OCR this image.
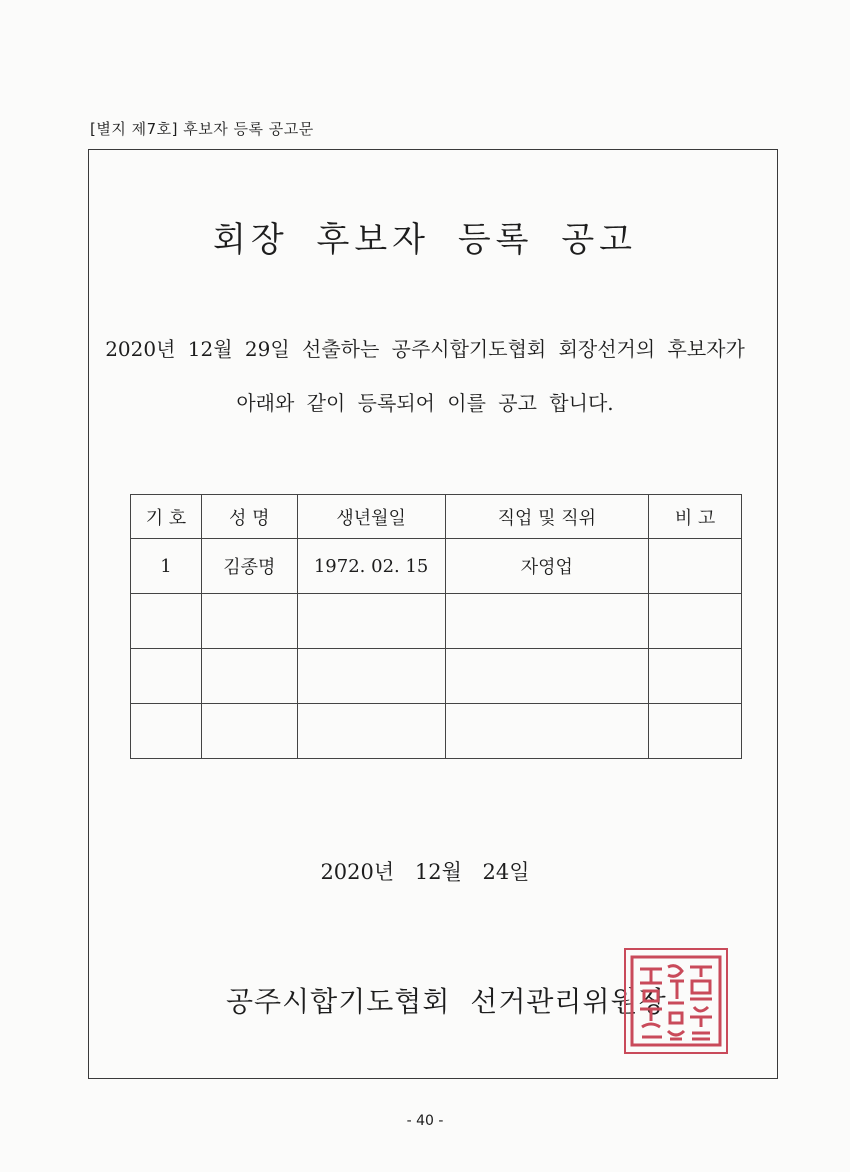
[별지 제7호] 후보자 등록 공고문
회장 후보자 등록 공고
2020년 12월 29일 선출하는 공주시합기도협회 회장선거의 후보자가
아래와 같이 등록되어 이를 공고 합니다.
기 호	성 명	생년월일	직업 및 직위	비 고
1	김종명	1972. 02. 15	자영업	

2020년 12월 24일
공주시합기도협회 선거관리위원장
- 40 -
